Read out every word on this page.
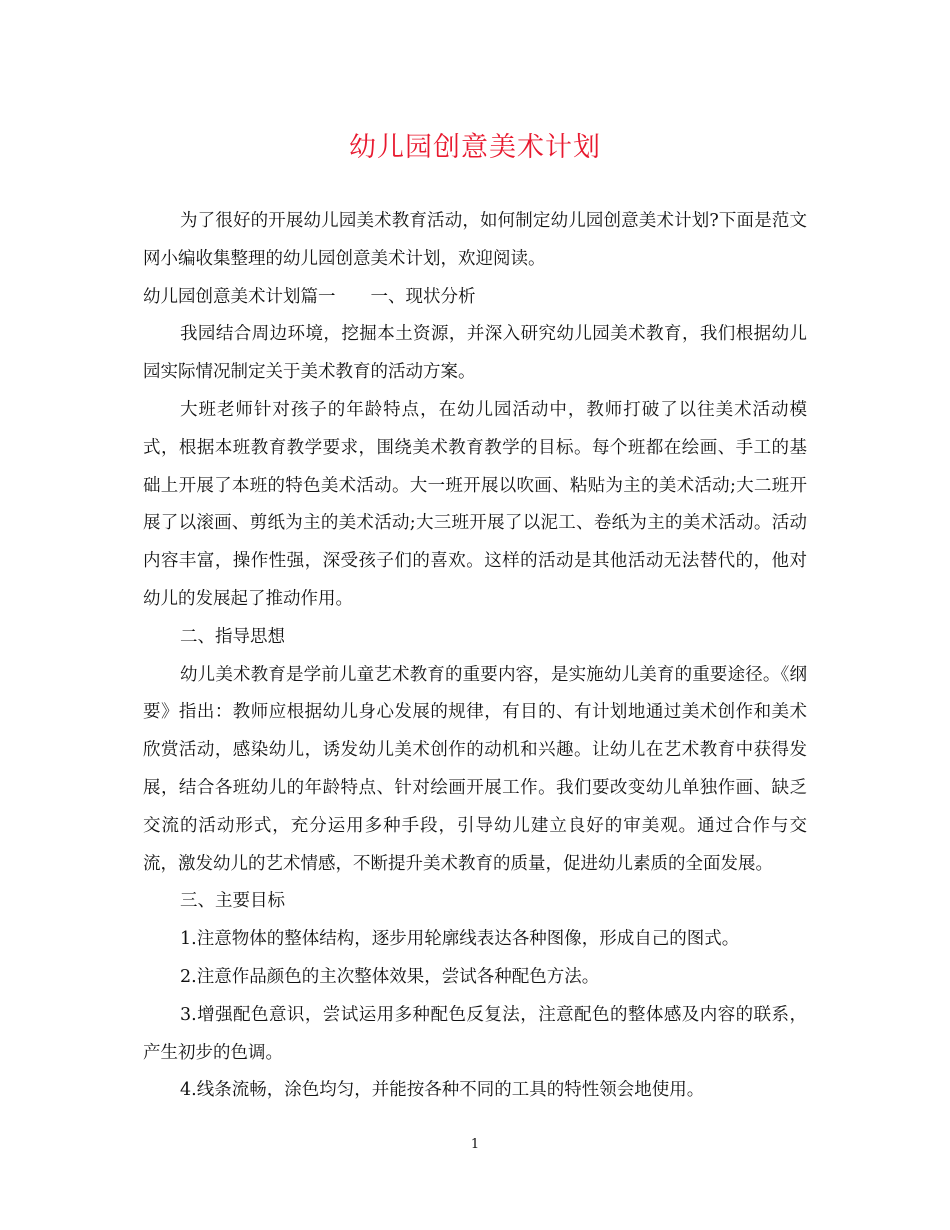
幼儿园创意美术计划

为了很好的开展幼儿园美术教育活动，如何制定幼儿园创意美术计划?下面是范文网小编收集整理的幼儿园创意美术计划，欢迎阅读。

幼儿园创意美术计划篇一　　一、现状分析

我园结合周边环境，挖掘本土资源，并深入研究幼儿园美术教育，我们根据幼儿园实际情况制定关于美术教育的活动方案。

大班老师针对孩子的年龄特点，在幼儿园活动中，教师打破了以往美术活动模式，根据本班教育教学要求，围绕美术教育教学的目标。每个班都在绘画、手工的基础上开展了本班的特色美术活动。大一班开展以吹画、粘贴为主的美术活动;大二班开展了以滚画、剪纸为主的美术活动;大三班开展了以泥工、卷纸为主的美术活动。活动内容丰富，操作性强，深受孩子们的喜欢。这样的活动是其他活动无法替代的，他对幼儿的发展起了推动作用。

二、指导思想

幼儿美术教育是学前儿童艺术教育的重要内容，是实施幼儿美育的重要途径。《纲要》指出：教师应根据幼儿身心发展的规律，有目的、有计划地通过美术创作和美术欣赏活动，感染幼儿，诱发幼儿美术创作的动机和兴趣。让幼儿在艺术教育中获得发展，结合各班幼儿的年龄特点、针对绘画开展工作。我们要改变幼儿单独作画、缺乏交流的活动形式，充分运用多种手段，引导幼儿建立良好的审美观。通过合作与交流，激发幼儿的艺术情感，不断提升美术教育的质量，促进幼儿素质的全面发展。

三、主要目标

1.注意物体的整体结构，逐步用轮廓线表达各种图像，形成自己的图式。

2.注意作品颜色的主次整体效果，尝试各种配色方法。

3.增强配色意识，尝试运用多种配色反复法，注意配色的整体感及内容的联系，产生初步的色调。

4.线条流畅，涂色均匀，并能按各种不同的工具的特性领会地使用。

1
